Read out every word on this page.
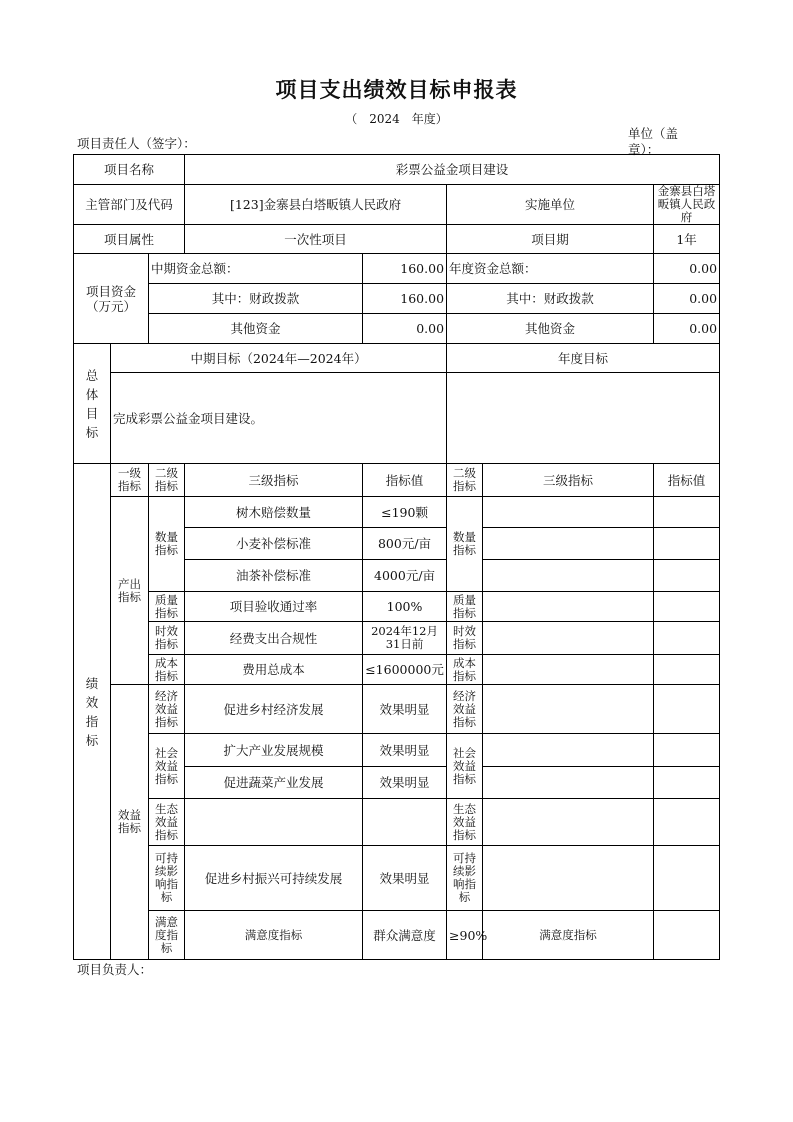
项目支出绩效目标申报表
（ 2024 年度）
项目责任人（签字）：
单位（盖章）：
项目名称			彩票公益金项目建设					
主管部门及代码			[123]金寨县白塔畈镇人民政府		实施单位		金寨县白塔畈镇人民政府	
项目属性			一次性项目		项目期		1年	
项目资金（万元）		中期资金总额：		160.00	年度资金总额：		0.00	
		其中：财政拨款		160.00	其中：财政拨款		0.00	
		其他资金		0.00	其他资金		0.00	

总体目标	中期目标（2024年—2024年）				年度目标			
	完成彩票公益金项目建设。							

绩效指标	一级指标	二级指标	三级指标	指标值	二级指标	三级指标	指标值	
	产出指标	数量指标	树木赔偿数量	≤190颗	数量指标			
			小麦补偿标准	800元/亩				
			油茶补偿标准	4000元/亩				
		质量指标	项目验收通过率	100%	质量指标			
		时效指标	经费支出合规性	2024年12月31日前	时效指标			
		成本指标	费用总成本	≤1600000元	成本指标			
	效益指标	经济效益指标	促进乡村经济发展	效果明显	经济效益指标			
		社会效益指标	扩大产业发展规模	效果明显	社会效益指标			
			促进蔬菜产业发展	效果明显				
		生态效益指标			生态效益指标			
		可持续影响指标	促进乡村振兴可持续发展	效果明显	可持续影响指标			
		满意度指标	满意度指标	群众满意度	≥90%	满意度指标		
项目负责人：
